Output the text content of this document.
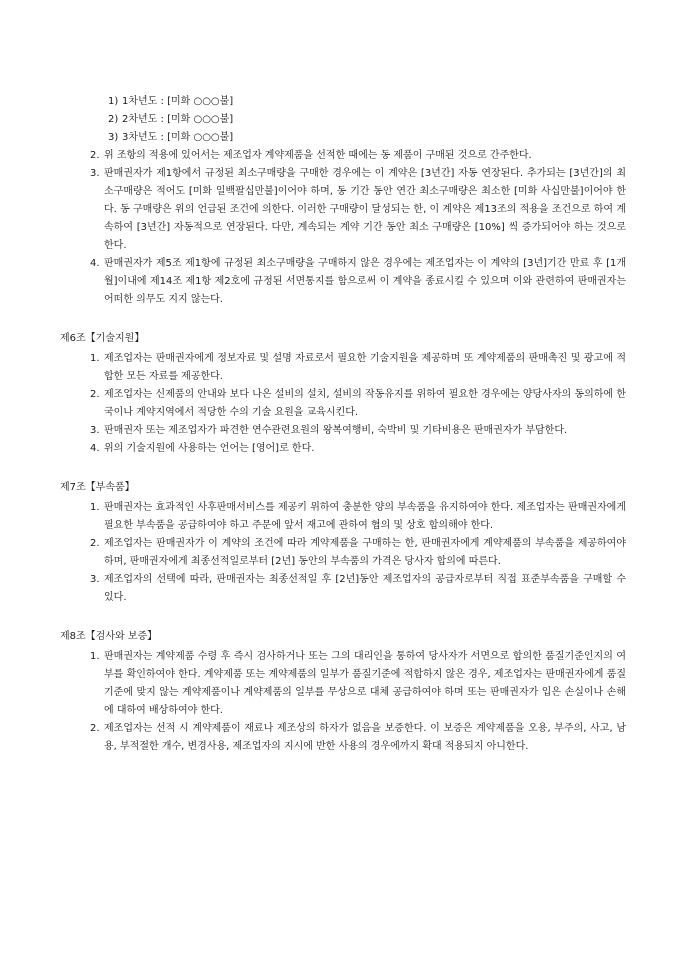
1) 1차년도 : [미화 ○○○불]
2) 2차년도 : [미화 ○○○불]
3) 3차년도 : [미화 ○○○불]
2. 위 조항의 적용에 있어서는 제조업자 계약제품을 선적한 때에는 동 제품이 구매된 것으로 간주한다.
3. 판매권자가 제1항에서 규정된 최소구매량을 구매한 경우에는 이 계약은 [3년간] 자동 연장된다. 추가되는 [3년간]의 최소구매량은 적어도 [미화 일백팔십만불]이어야 하며, 동 기간 동안 연간 최소구매량은 최소한 [미화 사십만불]이어야 한다. 동 구매량은 위의 언급된 조건에 의한다. 이러한 구매량이 달성되는 한, 이 계약은 제13조의 적용을 조건으로 하여 계속하여 [3년간] 자동적으로 연장된다. 다만, 계속되는 계약 기간 동안 최소 구매량은 [10%] 씩 증가되어야 하는 것으로 한다.
4. 판매권자가 제5조 제1항에 규정된 최소구매량을 구매하지 않은 경우에는 제조업자는 이 계약의 [3년]기간 만료 후 [1개월]이내에 제14조 제1항 제2호에 규정된 서면통지를 함으로써 이 계약을 종료시킬 수 있으며 이와 관련하여 판매권자는 어떠한 의무도 지지 않는다.
제6조【기술지원】
1. 제조업자는 판매권자에게 정보자료 및 설명 자료로서 필요한 기술지원을 제공하며 또 계약제품의 판매촉진 및 광고에 적합한 모든 자료를 제공한다.
2. 제조업자는 신제품의 안내와 보다 나은 설비의 설치, 설비의 작동유지를 위하여 필요한 경우에는 양당사자의 동의하에 한국이나 계약지역에서 적당한 수의 기술 요원을 교육시킨다.
3. 판매권자 또는 제조업자가 파견한 연수관련요원의 왕복여행비, 숙박비 및 기타비용은 판매권자가 부담한다.
4. 위의 기술지원에 사용하는 언어는 [영어]로 한다.
제7조【부속품】
1. 판매권자는 효과적인 사후판매서비스를 제공키 위하여 충분한 양의 부속품을 유지하여야 한다. 제조업자는 판매권자에게 필요한 부속품을 공급하여야 하고 주문에 앞서 재고에 관하여 협의 및 상호 합의해야 한다.
2. 제조업자는 판매권자가 이 계약의 조건에 따라 계약제품을 구매하는 한, 판매권자에게 계약제품의 부속품을 제공하여야 하며, 판매권자에게 최종선적일로부터 [2년] 동안의 부속품의 가격은 당사자 합의에 따른다.
3. 제조업자의 선택에 따라, 판매권자는 최종선적일 후 [2년]동안 제조업자의 공급자로부터 직접 표준부속품을 구매할 수 있다.
제8조【검사와 보증】
1. 판매권자는 계약제품 수령 후 즉시 검사하거나 또는 그의 대리인을 통하여 당사자가 서면으로 합의한 품질기준인지의 여부를 확인하여야 한다. 계약제품 또는 계약제품의 일부가 품질기준에 적합하지 않은 경우, 제조업자는 판매권자에게 품질기준에 맞지 않는 계약제품이나 계약제품의 일부를 무상으로 대체 공급하여야 하며 또는 판매권자가 입은 손실이나 손해에 대하여 배상하여야 한다.
2. 제조업자는 선적 시 계약제품이 재료나 제조상의 하자가 없음을 보증한다. 이 보증은 계약제품을 오용, 부주의, 사고, 남용, 부적절한 개수, 변경사용, 제조업자의 지시에 반한 사용의 경우에까지 확대 적용되지 아니한다.
